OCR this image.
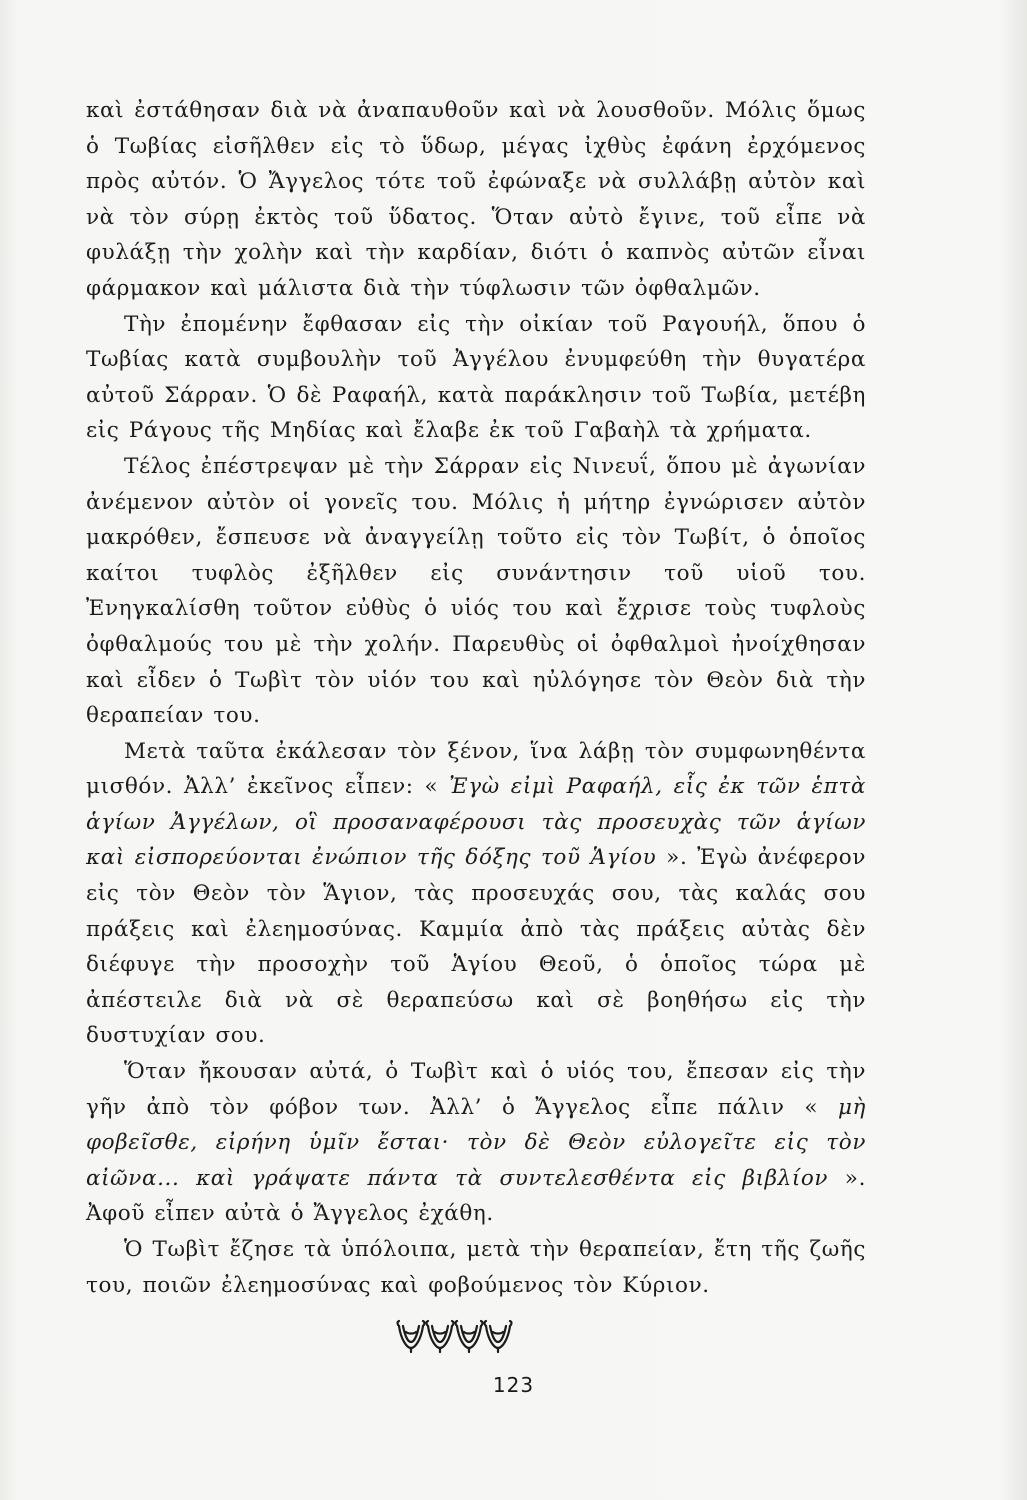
καὶ ἐστάθησαν διὰ νὰ ἀναπαυθοῦν καὶ νὰ λουσθοῦν. Μόλις ὅμως ὁ Τωβίας εἰσῆλθεν εἰς τὸ ὕδωρ, μέγας ἰχθὺς ἐφάνη ἐρχόμενος πρὸς αὐτόν. Ὁ Ἄγγελος τότε τοῦ ἐφώναξε νὰ συλλάβῃ αὐτὸν καὶ νὰ τὸν σύρῃ ἐκτὸς τοῦ ὕδατος. Ὅταν αὐτὸ ἔγινε, τοῦ εἶπε νὰ φυλάξῃ τὴν χολὴν καὶ τὴν καρδίαν, διότι ὁ καπνὸς αὐτῶν εἶναι φάρμακον καὶ μάλιστα διὰ τὴν τύφλωσιν τῶν ὀφθαλμῶν.

Τὴν ἐπομένην ἔφθασαν εἰς τὴν οἰκίαν τοῦ Ραγουήλ, ὅπου ὁ Τωβίας κατὰ συμβουλὴν τοῦ Ἀγγέλου ἐνυμφεύθη τὴν θυγατέρα αὐτοῦ Σάρραν. Ὁ δὲ Ραφαήλ, κατὰ παράκλησιν τοῦ Τωβία, μετέβη εἰς Ράγους τῆς Μηδίας καὶ ἔλαβε ἐκ τοῦ Γαβαὴλ τὰ χρήματα.

Τέλος ἐπέστρεψαν μὲ τὴν Σάρραν εἰς Νινευΐ, ὅπου μὲ ἀγωνίαν ἀνέμενον αὐτὸν οἱ γονεῖς του. Μόλις ἡ μήτηρ ἐγνώρισεν αὐτὸν μακρόθεν, ἔσπευσε νὰ ἀναγγείλῃ τοῦτο εἰς τὸν Τωβίτ, ὁ ὁποῖος καίτοι τυφλὸς ἐξῆλθεν εἰς συνάντησιν τοῦ υἱοῦ του. Ἐνηγκαλίσθη τοῦτον εὐθὺς ὁ υἱός του καὶ ἔχρισε τοὺς τυφλοὺς ὀφθαλμούς του μὲ τὴν χολήν. Παρευθὺς οἱ ὀφθαλμοὶ ἠνοίχθησαν καὶ εἶδεν ὁ Τωβὶτ τὸν υἱόν του καὶ ηὐλόγησε τὸν Θεὸν διὰ τὴν θεραπείαν του.

Μετὰ ταῦτα ἐκάλεσαν τὸν ξένον, ἵνα λάβῃ τὸν συμφωνηθέντα μισθόν. Ἀλλ’ ἐκεῖνος εἶπεν: « Ἐγὼ εἰμὶ Ραφαήλ, εἷς ἐκ τῶν ἑπτὰ ἁγίων Ἀγγέλων, οἳ προσαναφέρουσι τὰς προσευχὰς τῶν ἁγίων καὶ εἰσπορεύονται ἐνώπιον τῆς δόξης τοῦ Ἁγίου ». Ἐγὼ ἀνέφερον εἰς τὸν Θεὸν τὸν Ἅγιον, τὰς προσευχάς σου, τὰς καλάς σου πράξεις καὶ ἐλεημοσύνας. Καμμία ἀπὸ τὰς πράξεις αὐτὰς δὲν διέφυγε τὴν προσοχὴν τοῦ Ἁγίου Θεοῦ, ὁ ὁποῖος τώρα μὲ ἀπέστειλε διὰ νὰ σὲ θεραπεύσω καὶ σὲ βοηθήσω εἰς τὴν δυστυχίαν σου.

Ὅταν ἤκουσαν αὐτά, ὁ Τωβὶτ καὶ ὁ υἱός του, ἔπεσαν εἰς τὴν γῆν ἀπὸ τὸν φόβον των. Ἀλλ’ ὁ Ἄγγελος εἶπε πάλιν « μὴ φοβεῖσθε, εἰρήνη ὑμῖν ἔσται· τὸν δὲ Θεὸν εὐλογεῖτε εἰς τὸν αἰῶνα... καὶ γράψατε πάντα τὰ συντελεσθέντα εἰς βιβλίον ». Ἀφοῦ εἶπεν αὐτὰ ὁ Ἄγγελος ἐχάθη.

Ὁ Τωβὶτ ἔζησε τὰ ὑπόλοιπα, μετὰ τὴν θεραπείαν, ἔτη τῆς ζωῆς του, ποιῶν ἐλεημοσύνας καὶ φοβούμενος τὸν Κύριον.

123
